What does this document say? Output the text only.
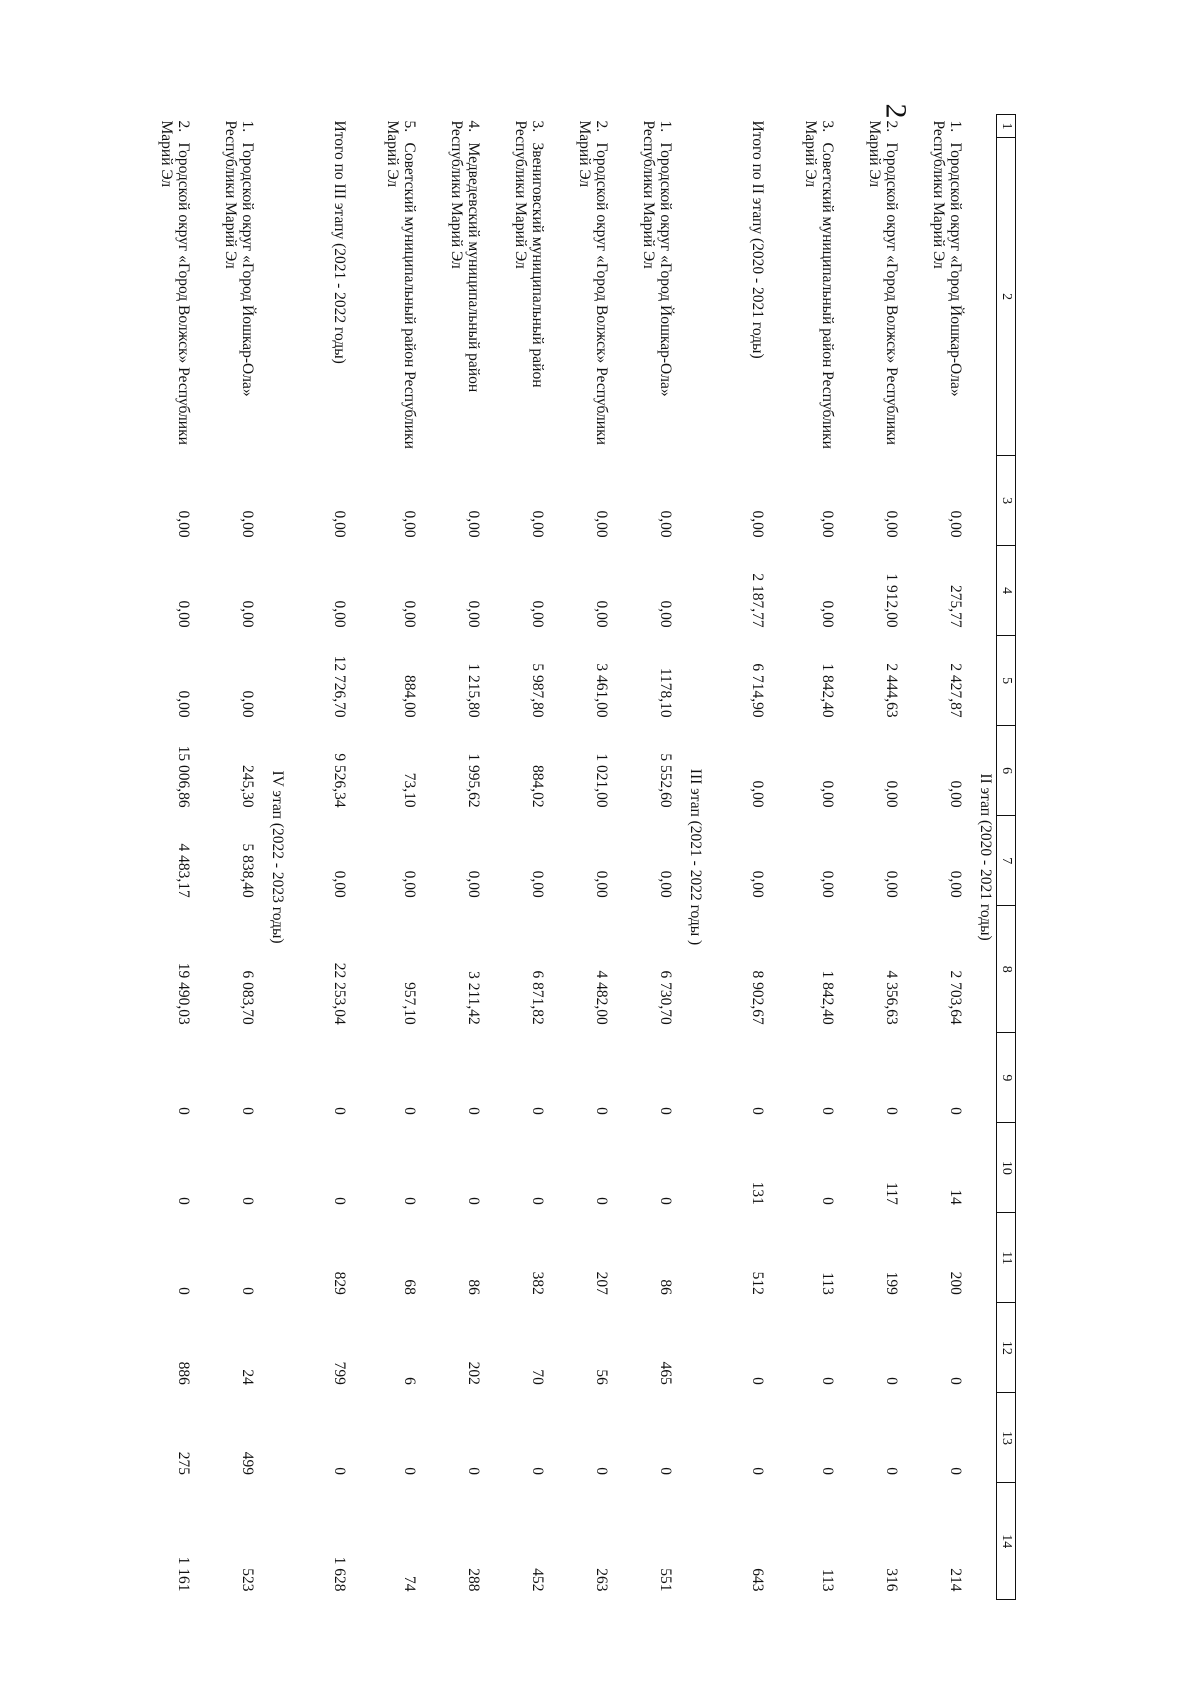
2
1	2	3	4	5	6	7	8	9	10	11	12	13	14
II этап (2020 - 2021 годы)													
1.Городской округ «Город Йошкар-Ола» Республики Марий Эл		0,00	275,77	2 427,87	0,00	0,00	2 703,64	0	14	200	0	0	214
2.Городской округ «Город Волжск» Республики Марий Эл		0,00	1 912,00	2 444,63	0,00	0,00	4 356,63	0	117	199	0	0	316
3.Советский муниципальный район Республики Марий Эл		0,00	0,00	1 842,40	0,00	0,00	1 842,40	0	0	113	0	0	113
Итого по II этапу (2020 - 2021 годы)		0,00	2 187,77	6 714,90	0,00	0,00	8 902,67	0	131	512	0	0	643
III этап (2021 - 2022 годы )													
1.Городской округ «Город Йошкар-Ола» Республики Марий Эл		0,00	0,00	1178,10	5 552,60	0,00	6 730,70	0	0	86	465	0	551
2.Городской округ «Город Волжск» Республики Марий Эл		0,00	0,00	3 461,00	1 021,00	0,00	4 482,00	0	0	207	56	0	263
3.Звениговский муниципальный район Республики Марий Эл		0,00	0,00	5 987,80	884,02	0,00	6 871,82	0	0	382	70	0	452
4.Медведевский муниципальный район Республики Марий Эл		0,00	0,00	1 215,80	1 995,62	0,00	3 211,42	0	0	86	202	0	288
5.Советский муниципальный район Республики Марий Эл		0,00	0,00	884,00	73,10	0,00	957,10	0	0	68	6	0	74
Итого по III этапу (2021 - 2022 годы)		0,00	0,00	12 726,70	9 526,34	0,00	22 253,04	0	0	829	799	0	1 628
IV этап (2022 - 2023 годы)													
1.Городской округ «Город Йошкар-Ола» Республики Марий Эл		0,00	0,00	0,00	245,30	5 838,40	6 083,70	0	0	0	24	499	523
2.Городской округ «Город Волжск» Республики Марий Эл		0,00	0,00	0,00	15 006,86	4 483,17	19 490,03	0	0	0	886	275	1 161
